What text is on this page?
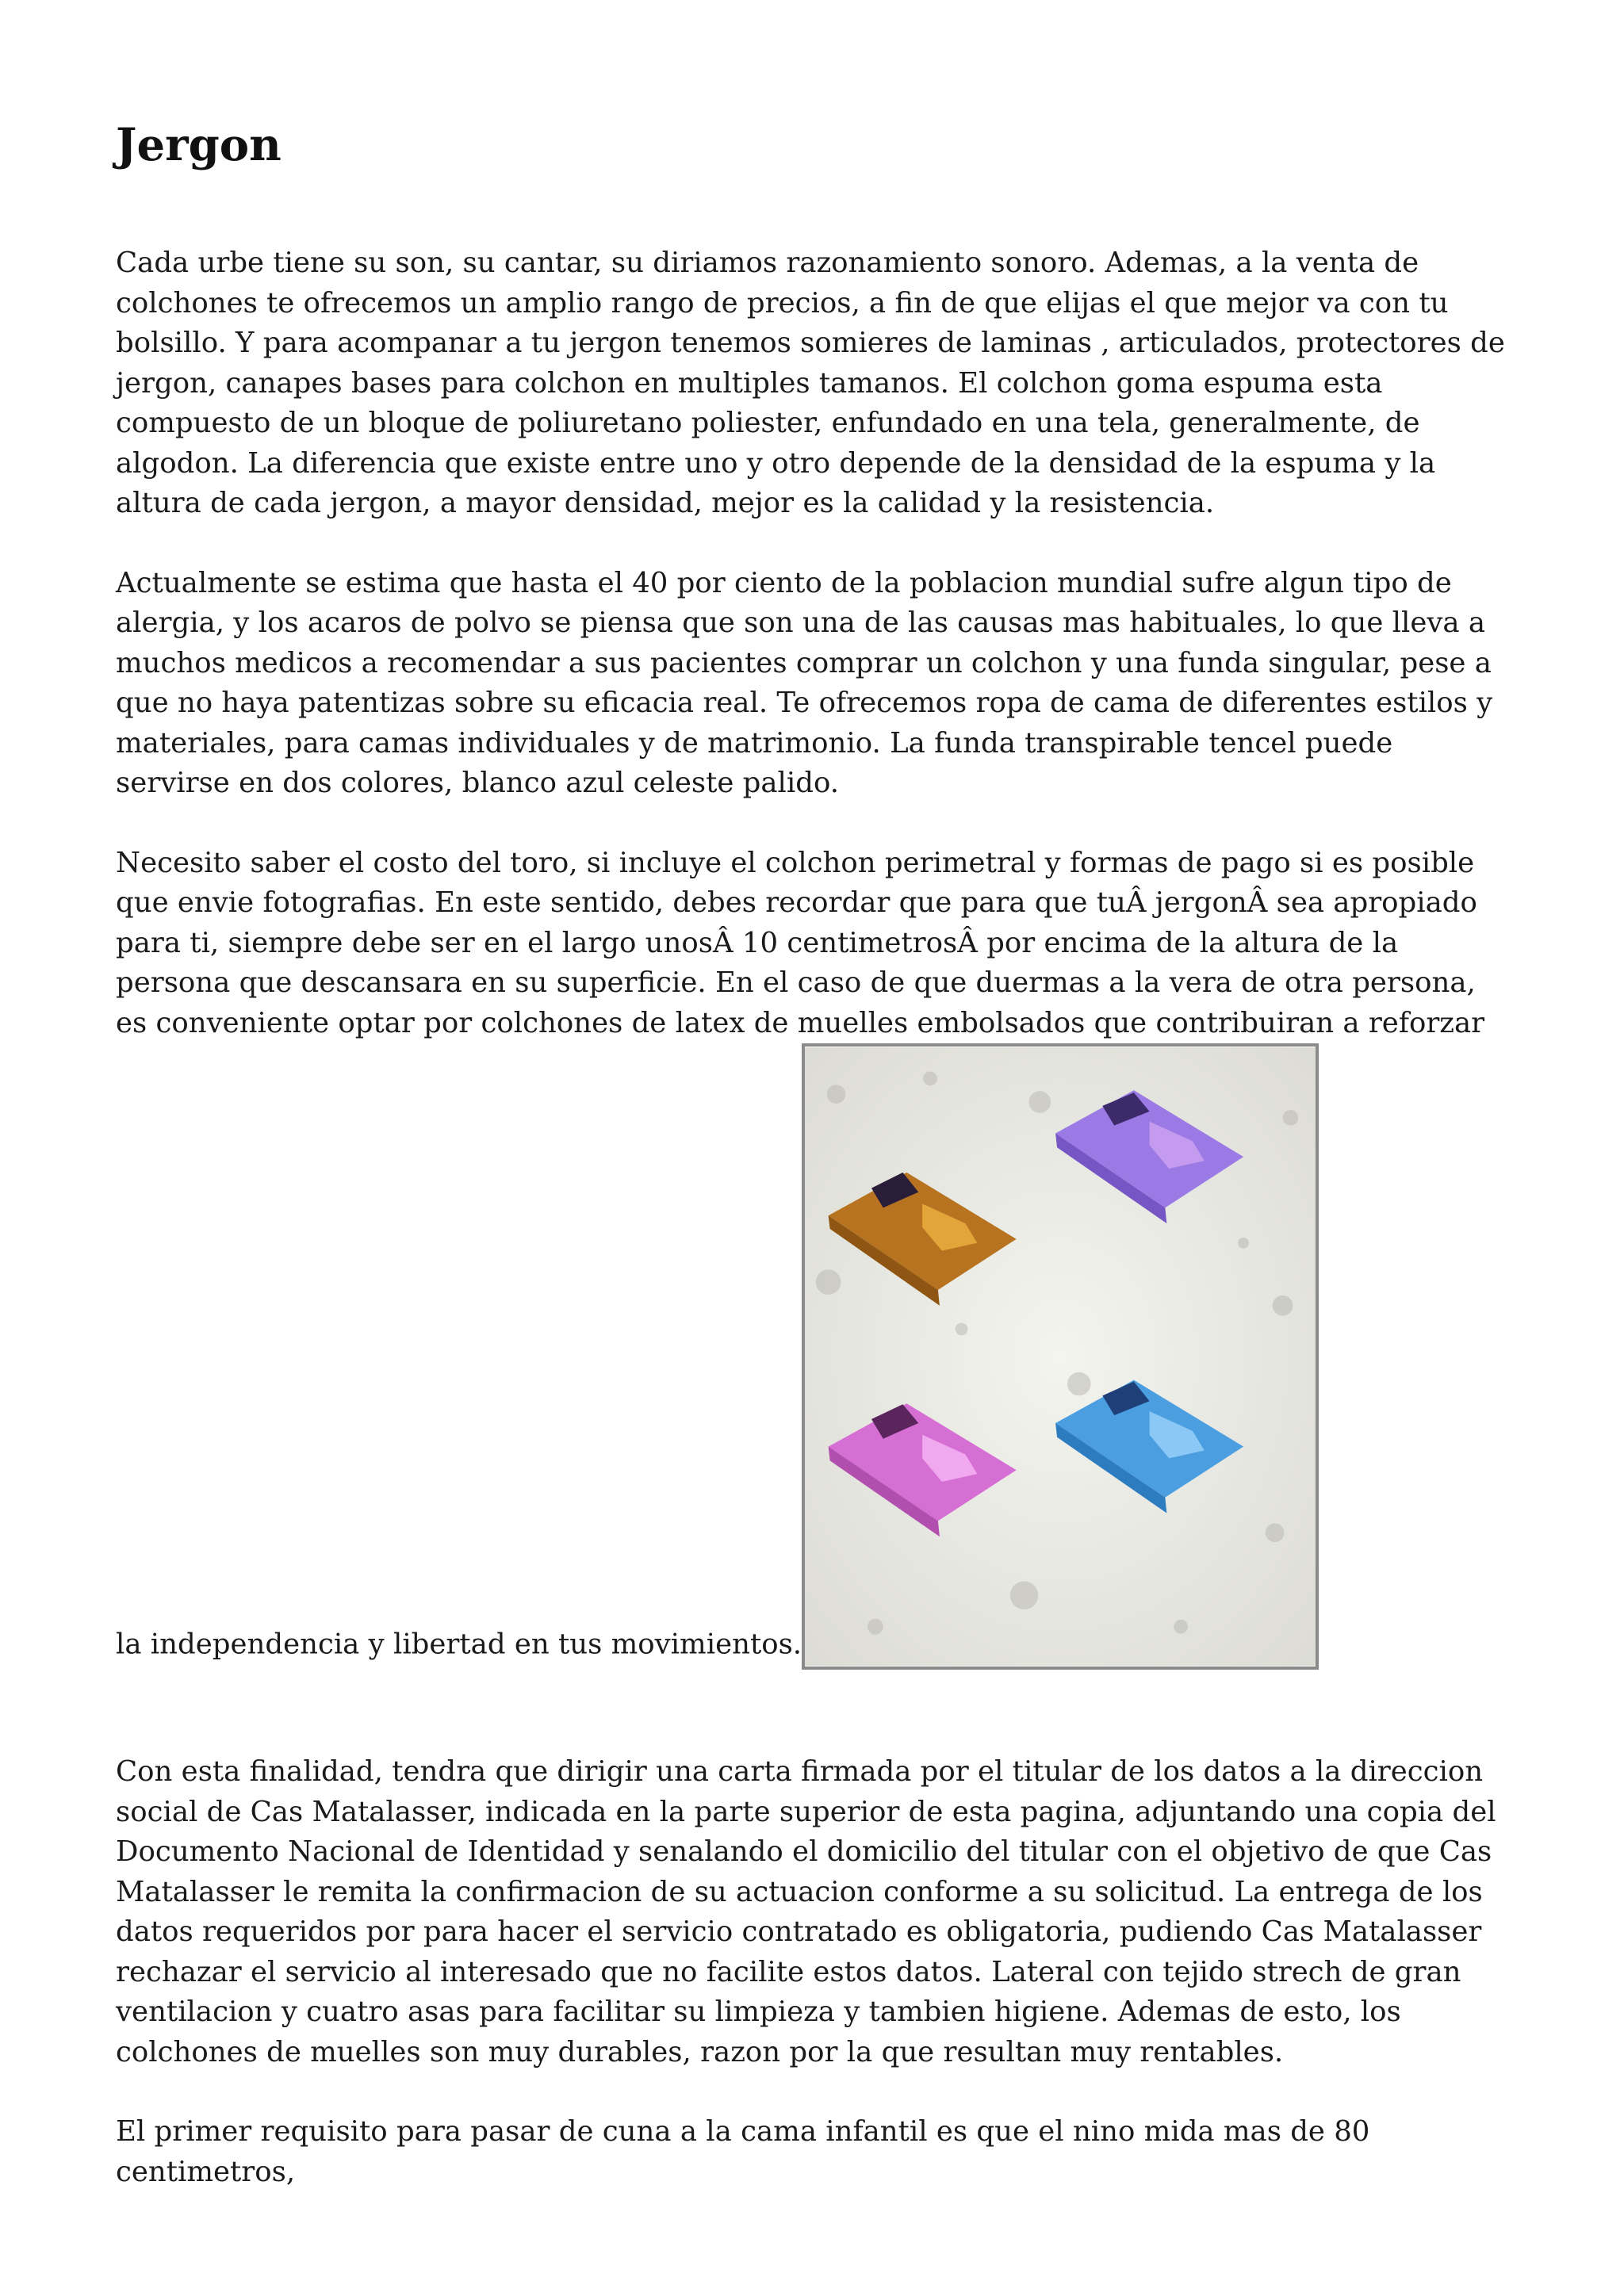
Jergon

Cada urbe tiene su son, su cantar, su diriamos razonamiento sonoro. Ademas, a la venta de colchones te ofrecemos un amplio rango de precios, a fin de que elijas el que mejor va con tu bolsillo. Y para acompanar a tu jergon tenemos somieres de laminas , articulados, protectores de jergon, canapes bases para colchon en multiples tamanos. El colchon goma espuma esta compuesto de un bloque de poliuretano poliester, enfundado en una tela, generalmente, de algodon. La diferencia que existe entre uno y otro depende de la densidad de la espuma y la altura de cada jergon, a mayor densidad, mejor es la calidad y la resistencia.

Actualmente se estima que hasta el 40 por ciento de la poblacion mundial sufre algun tipo de alergia, y los acaros de polvo se piensa que son una de las causas mas habituales, lo que lleva a muchos medicos a recomendar a sus pacientes comprar un colchon y una funda singular, pese a que no haya patentizas sobre su eficacia real. Te ofrecemos ropa de cama de diferentes estilos y materiales, para camas individuales y de matrimonio. La funda transpirable tencel puede servirse en dos colores, blanco azul celeste palido.

Necesito saber el costo del toro, si incluye el colchon perimetral y formas de pago si es posible que envie fotografias. En este sentido, debes recordar que para que tuÂ jergonÂ sea apropiado para ti, siempre debe ser en el largo unosÂ 10 centimetrosÂ por encima de la altura de la persona que descansara en su superficie. En el caso de que duermas a la vera de otra persona, es conveniente optar por colchones de latex de muelles embolsados que contribuiran a reforzar la independencia y libertad en tus movimientos.

Con esta finalidad, tendra que dirigir una carta firmada por el titular de los datos a la direccion social de Cas Matalasser, indicada en la parte superior de esta pagina, adjuntando una copia del Documento Nacional de Identidad y senalando el domicilio del titular con el objetivo de que Cas Matalasser le remita la confirmacion de su actuacion conforme a su solicitud. La entrega de los datos requeridos por para hacer el servicio contratado es obligatoria, pudiendo Cas Matalasser rechazar el servicio al interesado que no facilite estos datos. Lateral con tejido strech de gran ventilacion y cuatro asas para facilitar su limpieza y tambien higiene. Ademas de esto, los colchones de muelles son muy durables, razon por la que resultan muy rentables.

El primer requisito para pasar de cuna a la cama infantil es que el nino mida mas de 80 centimetros,
